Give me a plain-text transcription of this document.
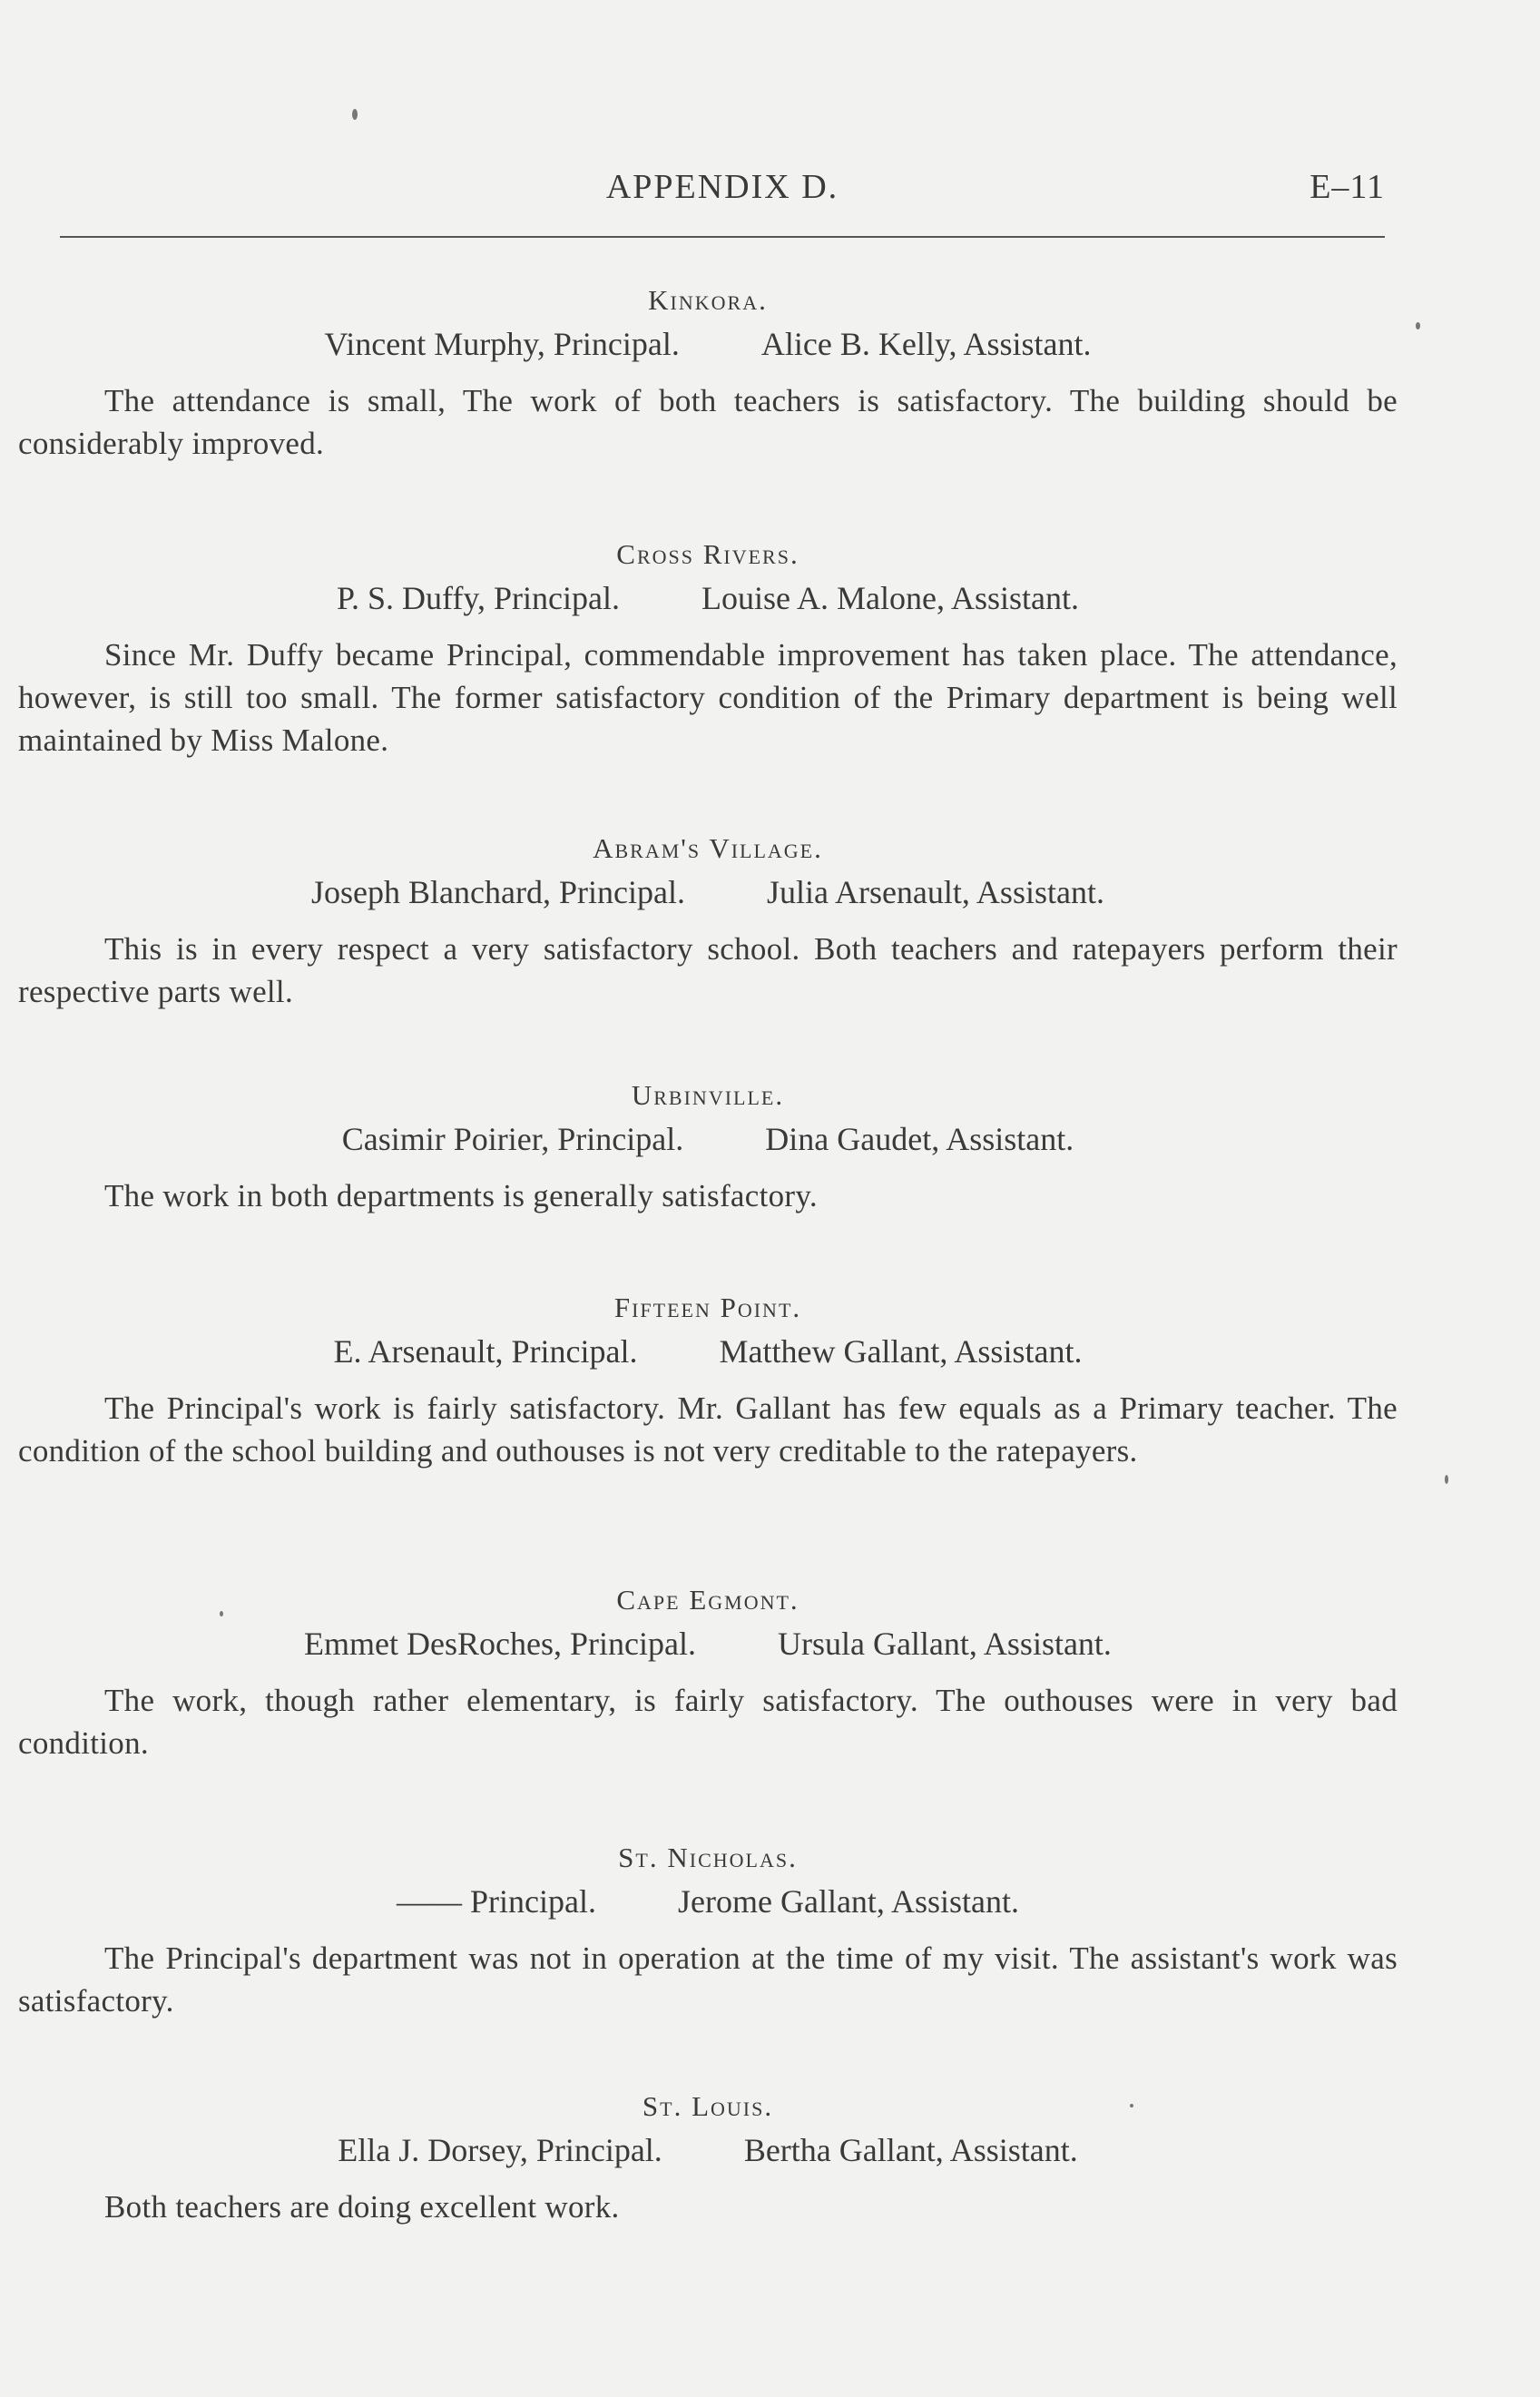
APPENDIX D.	E–11
Kinkora.
Vincent Murphy, Principal.	Alice B. Kelly, Assistant.

The attendance is small, The work of both teachers is satisfactory. The building should be considerably improved.

Cross Rivers.
P. S. Duffy, Principal.	Louise A. Malone, Assistant.

Since Mr. Duffy became Principal, commendable improvement has taken place. The attendance, however, is still too small. The former satisfactory condition of the Primary department is being well maintained by Miss Malone.

Abram's Village.
Joseph Blanchard, Principal.	Julia Arsenault, Assistant.

This is in every respect a very satisfactory school. Both teachers and ratepayers perform their respective parts well.

Urbinville.
Casimir Poirier, Principal.	Dina Gaudet, Assistant.

The work in both departments is generally satisfactory.

Fifteen Point.
E. Arsenault, Principal.	Matthew Gallant, Assistant.

The Principal's work is fairly satisfactory. Mr. Gallant has few equals as a Primary teacher. The condition of the school building and outhouses is not very creditable to the ratepayers.

Cape Egmont.
Emmet DesRoches, Principal.	Ursula Gallant, Assistant.

The work, though rather elementary, is fairly satisfactory. The outhouses were in very bad condition.

St. Nicholas.
—— Principal.	Jerome Gallant, Assistant.

The Principal's department was not in operation at the time of my visit. The assistant's work was satisfactory.

St. Louis.
Ella J. Dorsey, Principal.	Bertha Gallant, Assistant.

Both teachers are doing excellent work.
